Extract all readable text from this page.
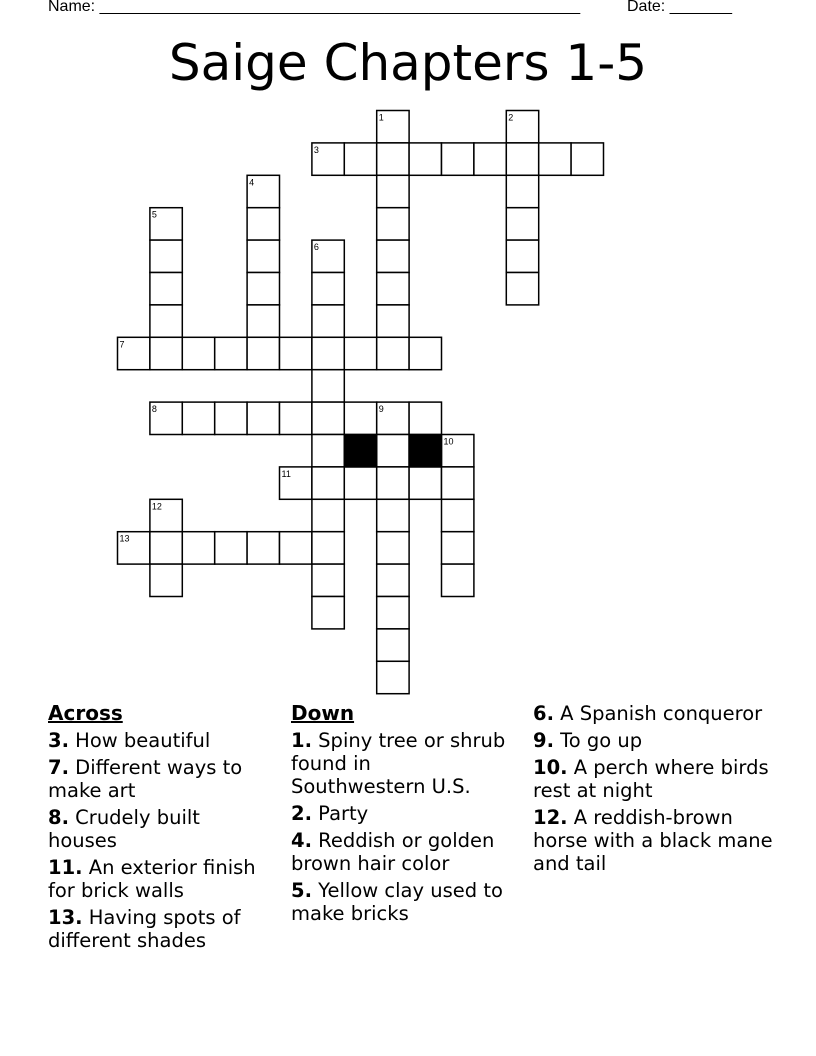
Name: ______________________________________________________	Date: _______
Saige Chapters 1-5
1	2
3
4
5
6
7
8	9
10
11
12
13
Across
3. How beautiful
7. Different ways to make art
8. Crudely built houses
11. An exterior finish for brick walls
13. Having spots of different shades
Down
1. Spiny tree or shrub found in Southwestern U.S.
2. Party
4. Reddish or golden brown hair color
5. Yellow clay used to make bricks
6. A Spanish conqueror
9. To go up
10. A perch where birds rest at night
12. A reddish-brown horse with a black mane and tail
